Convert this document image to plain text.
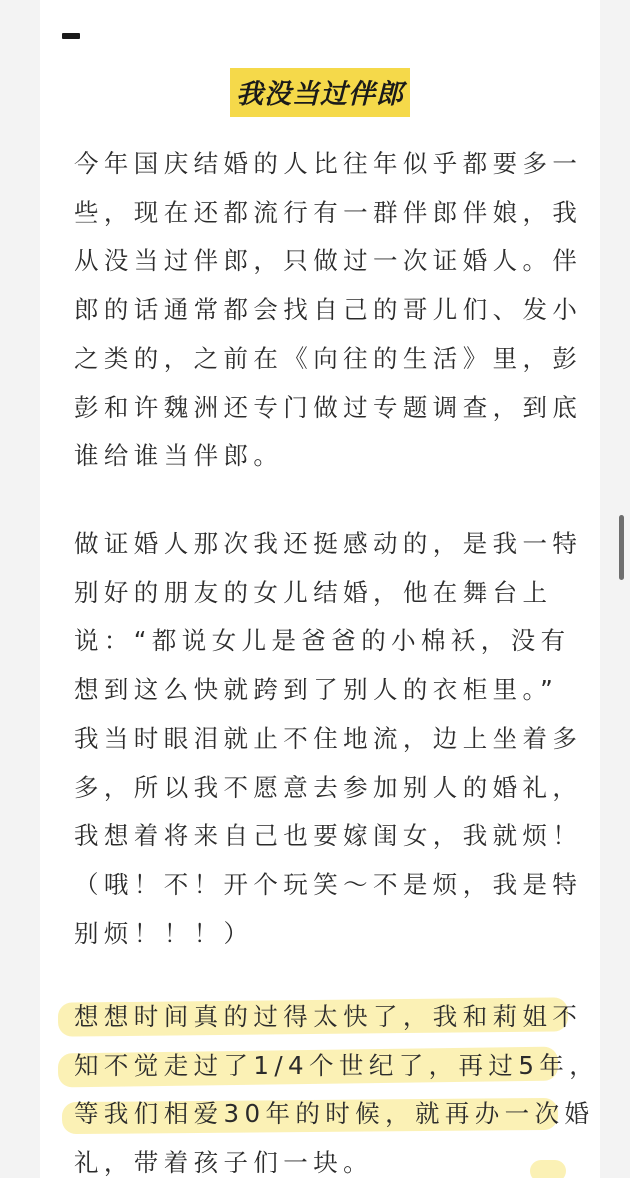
我没当过伴郎
今年国庆结婚的人比往年似乎都要多一
些，现在还都流行有一群伴郎伴娘，我
从没当过伴郎，只做过一次证婚人。伴
郎的话通常都会找自己的哥儿们、发小
之类的，之前在《向往的生活》里，彭
彭和许魏洲还专门做过专题调查，到底
谁给谁当伴郎。
做证婚人那次我还挺感动的，是我一特
别好的朋友的女儿结婚，他在舞台上
说：“都说女儿是爸爸的小棉袄，没有
想到这么快就跨到了别人的衣柜里。”
我当时眼泪就止不住地流，边上坐着多
多，所以我不愿意去参加别人的婚礼，
我想着将来自己也要嫁闺女，我就烦！
（哦！不！开个玩笑～不是烦，我是特
别烦！！！）
想想时间真的过得太快了，我和莉姐不
知不觉走过了1/4个世纪了，再过5年，
等我们相爱30年的时候，就再办一次婚
礼，带着孩子们一块。
